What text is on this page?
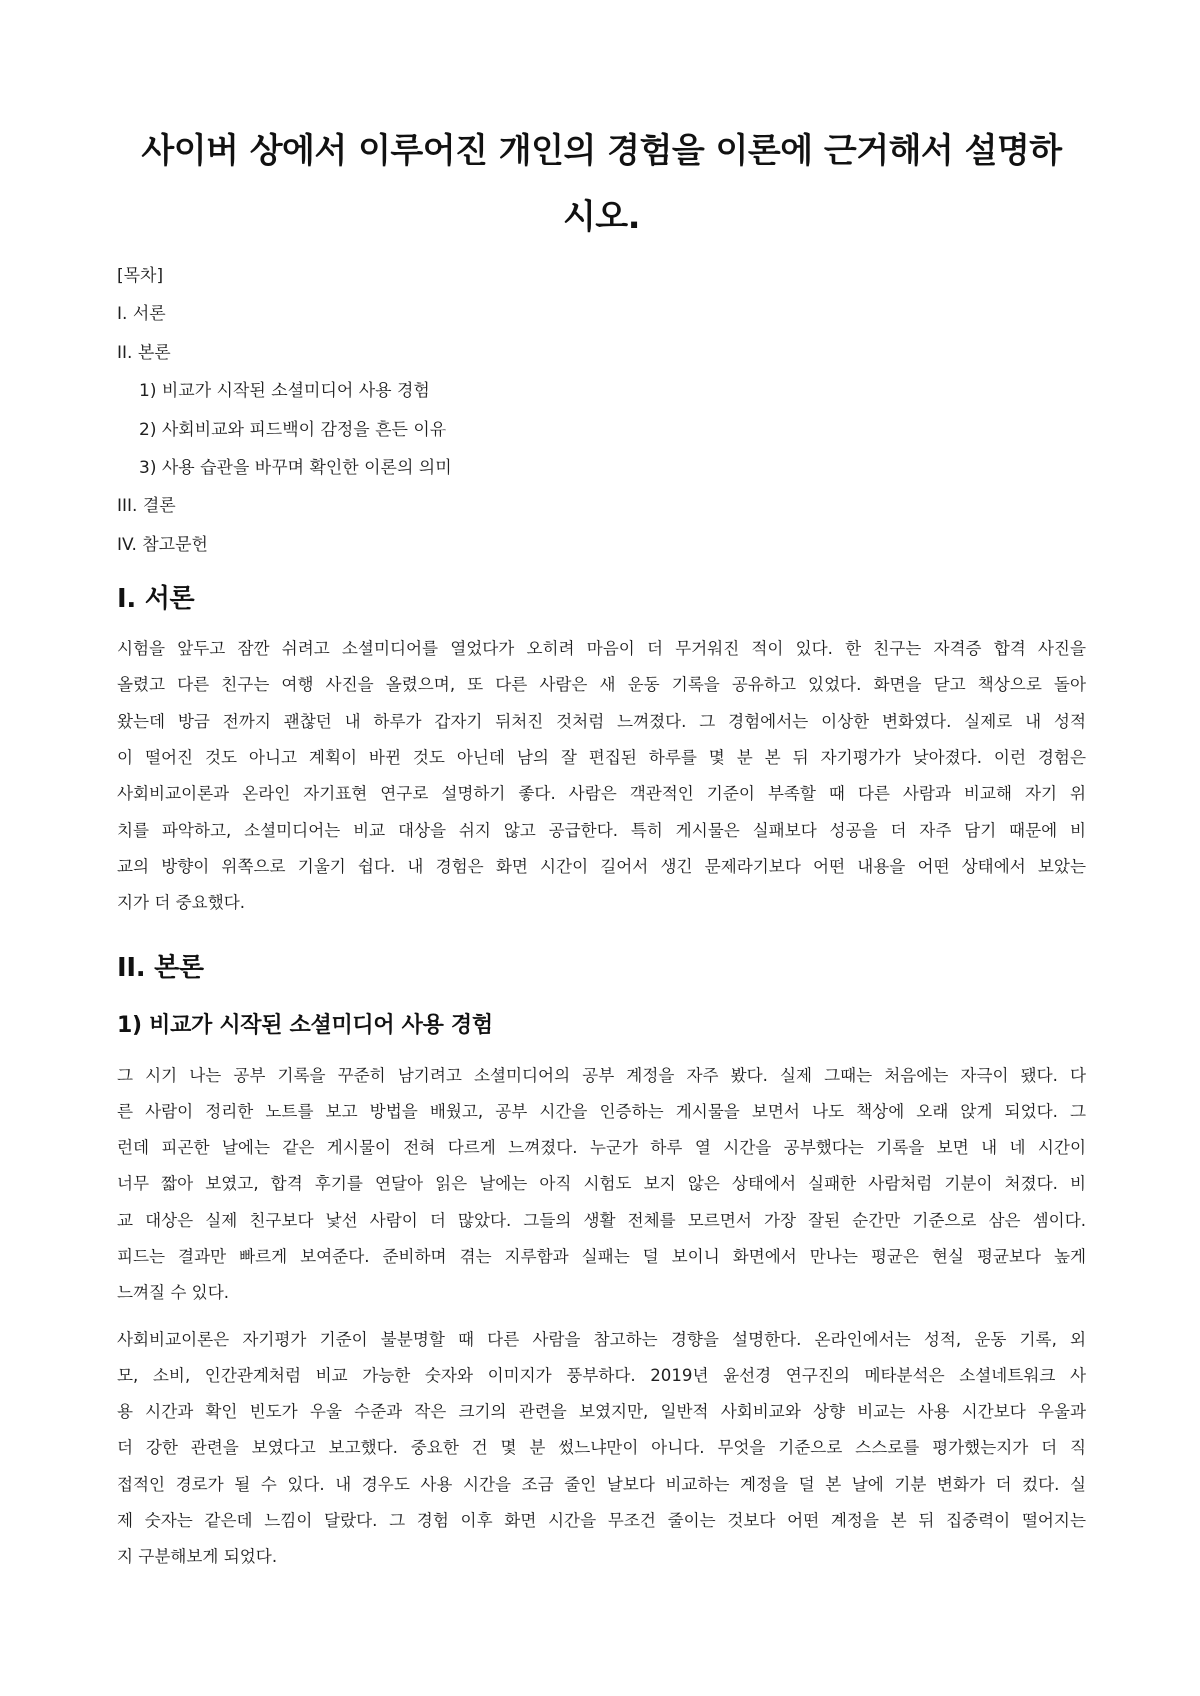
사이버 상에서 이루어진 개인의 경험을 이론에 근거해서 설명하
시오.
[목차]
I. 서론
II. 본론
1) 비교가 시작된 소셜미디어 사용 경험
2) 사회비교와 피드백이 감정을 흔든 이유
3) 사용 습관을 바꾸며 확인한 이론의 의미
III. 결론
IV. 참고문헌
I. 서론
시험을 앞두고 잠깐 쉬려고 소셜미디어를 열었다가 오히려 마음이 더 무거워진 적이 있다. 한 친구는 자격증 합격 사진을
올렸고 다른 친구는 여행 사진을 올렸으며, 또 다른 사람은 새 운동 기록을 공유하고 있었다. 화면을 닫고 책상으로 돌아
왔는데 방금 전까지 괜찮던 내 하루가 갑자기 뒤처진 것처럼 느껴졌다. 그 경험에서는 이상한 변화였다. 실제로 내 성적
이 떨어진 것도 아니고 계획이 바뀐 것도 아닌데 남의 잘 편집된 하루를 몇 분 본 뒤 자기평가가 낮아졌다. 이런 경험은
사회비교이론과 온라인 자기표현 연구로 설명하기 좋다. 사람은 객관적인 기준이 부족할 때 다른 사람과 비교해 자기 위
치를 파악하고, 소셜미디어는 비교 대상을 쉬지 않고 공급한다. 특히 게시물은 실패보다 성공을 더 자주 담기 때문에 비
교의 방향이 위쪽으로 기울기 쉽다. 내 경험은 화면 시간이 길어서 생긴 문제라기보다 어떤 내용을 어떤 상태에서 보았는
지가 더 중요했다.
II. 본론
1) 비교가 시작된 소셜미디어 사용 경험
그 시기 나는 공부 기록을 꾸준히 남기려고 소셜미디어의 공부 계정을 자주 봤다. 실제 그때는 처음에는 자극이 됐다. 다
른 사람이 정리한 노트를 보고 방법을 배웠고, 공부 시간을 인증하는 게시물을 보면서 나도 책상에 오래 앉게 되었다. 그
런데 피곤한 날에는 같은 게시물이 전혀 다르게 느껴졌다. 누군가 하루 열 시간을 공부했다는 기록을 보면 내 네 시간이
너무 짧아 보였고, 합격 후기를 연달아 읽은 날에는 아직 시험도 보지 않은 상태에서 실패한 사람처럼 기분이 처졌다. 비
교 대상은 실제 친구보다 낯선 사람이 더 많았다. 그들의 생활 전체를 모르면서 가장 잘된 순간만 기준으로 삼은 셈이다.
피드는 결과만 빠르게 보여준다. 준비하며 겪는 지루함과 실패는 덜 보이니 화면에서 만나는 평균은 현실 평균보다 높게
느껴질 수 있다.
사회비교이론은 자기평가 기준이 불분명할 때 다른 사람을 참고하는 경향을 설명한다. 온라인에서는 성적, 운동 기록, 외
모, 소비, 인간관계처럼 비교 가능한 숫자와 이미지가 풍부하다. 2019년 윤선경 연구진의 메타분석은 소셜네트워크 사
용 시간과 확인 빈도가 우울 수준과 작은 크기의 관련을 보였지만, 일반적 사회비교와 상향 비교는 사용 시간보다 우울과
더 강한 관련을 보였다고 보고했다. 중요한 건 몇 분 썼느냐만이 아니다. 무엇을 기준으로 스스로를 평가했는지가 더 직
접적인 경로가 될 수 있다. 내 경우도 사용 시간을 조금 줄인 날보다 비교하는 계정을 덜 본 날에 기분 변화가 더 컸다. 실
제 숫자는 같은데 느낌이 달랐다. 그 경험 이후 화면 시간을 무조건 줄이는 것보다 어떤 계정을 본 뒤 집중력이 떨어지는
지 구분해보게 되었다.
